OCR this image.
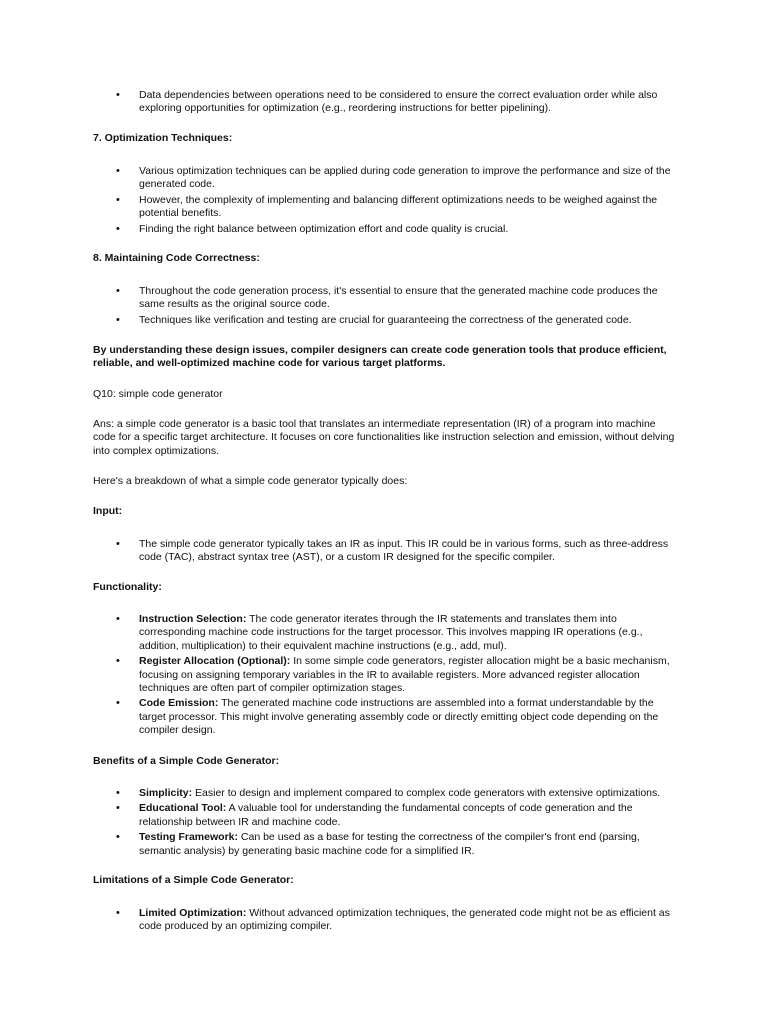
• Data dependencies between operations need to be considered to ensure the correct evaluation order while also exploring opportunities for optimization (e.g., reordering instructions for better pipelining).
7. Optimization Techniques:
• Various optimization techniques can be applied during code generation to improve the performance and size of the generated code.
• However, the complexity of implementing and balancing different optimizations needs to be weighed against the potential benefits.
• Finding the right balance between optimization effort and code quality is crucial.
8. Maintaining Code Correctness:
• Throughout the code generation process, it's essential to ensure that the generated machine code produces the same results as the original source code.
• Techniques like verification and testing are crucial for guaranteeing the correctness of the generated code.
By understanding these design issues, compiler designers can create code generation tools that produce efficient, reliable, and well-optimized machine code for various target platforms.
Q10: simple code generator
Ans: a simple code generator is a basic tool that translates an intermediate representation (IR) of a program into machine code for a specific target architecture. It focuses on core functionalities like instruction selection and emission, without delving into complex optimizations.
Here's a breakdown of what a simple code generator typically does:
Input:
• The simple code generator typically takes an IR as input. This IR could be in various forms, such as three-address code (TAC), abstract syntax tree (AST), or a custom IR designed for the specific compiler.
Functionality:
• Instruction Selection: The code generator iterates through the IR statements and translates them into corresponding machine code instructions for the target processor. This involves mapping IR operations (e.g., addition, multiplication) to their equivalent machine instructions (e.g., add, mul).
• Register Allocation (Optional): In some simple code generators, register allocation might be a basic mechanism, focusing on assigning temporary variables in the IR to available registers. More advanced register allocation techniques are often part of compiler optimization stages.
• Code Emission: The generated machine code instructions are assembled into a format understandable by the target processor. This might involve generating assembly code or directly emitting object code depending on the compiler design.
Benefits of a Simple Code Generator:
• Simplicity: Easier to design and implement compared to complex code generators with extensive optimizations.
• Educational Tool: A valuable tool for understanding the fundamental concepts of code generation and the relationship between IR and machine code.
• Testing Framework: Can be used as a base for testing the correctness of the compiler's front end (parsing, semantic analysis) by generating basic machine code for a simplified IR.
Limitations of a Simple Code Generator:
• Limited Optimization: Without advanced optimization techniques, the generated code might not be as efficient as code produced by an optimizing compiler.
